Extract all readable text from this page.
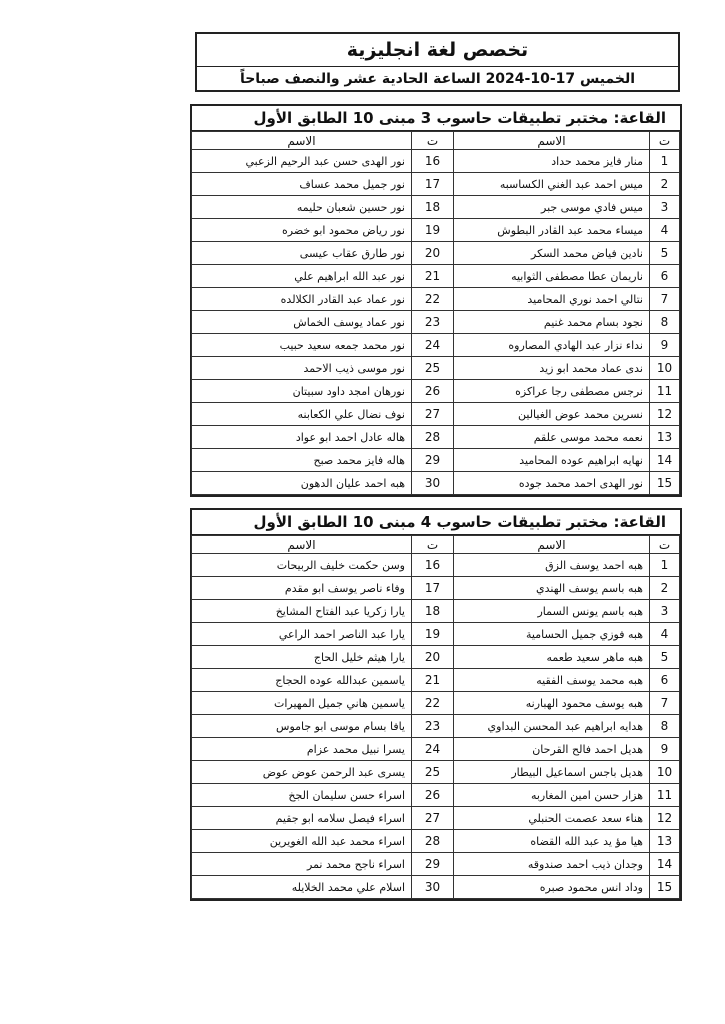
تخصص لغة انجليزية
الخميس 17-10-2024 الساعة الحادية عشر والنصف صباحاً
القاعة: مختبر تطبيقات حاسوب 3 مبنى 10 الطابق الأول
ت	الاسم	ت	الاسم
1	منار فايز محمد حداد	16	نور الهدى حسن عبد الرحيم الزعبي
2	ميس احمد عبد الغني الكساسبه	17	نور جميل محمد عساف
3	ميس فادي موسى جبر	18	نور حسين شعبان حليمه
4	ميساء محمد عبد القادر البطوش	19	نور رياض محمود ابو خضره
5	نادين فياض محمد السكر	20	نور طارق عقاب عيسى
6	ناريمان عطا مصطفى الثوابيه	21	نور عبد الله ابراهيم علي
7	نتالي احمد نوري المحاميد	22	نور عماد عبد القادر الكلالده
8	نجود بسام محمد غنيم	23	نور عماد يوسف الخماش
9	نداء نزار عبد الهادي المصاروه	24	نور محمد جمعه سعيد حبيب
10	ندى عماد محمد ابو زيد	25	نور موسى ذيب الاحمد
11	نرجس مصطفى رجا عراكزه	26	نورهان امجد داود سبيتان
12	نسرين محمد عوض الغيالين	27	نوف نضال علي الكعابنه
13	نعمه محمد موسى علقم	28	هاله عادل احمد ابو عواد
14	نهايه ابراهيم عوده المحاميد	29	هاله فايز محمد صبح
15	نور الهدى احمد محمد جوده	30	هبه احمد عليان الدهون
القاعة: مختبر تطبيقات حاسوب 4 مبنى 10 الطابق الأول
ت	الاسم	ت	الاسم
1	هبه احمد يوسف الزق	16	وسن حكمت خليف الربيحات
2	هبه باسم يوسف الهندي	17	وفاء ناصر يوسف ابو مقدم
3	هبه باسم يونس السمار	18	يارا زكريا عبد الفتاح المشايخ
4	هبه فوزي جميل الحسامية	19	يارا عبد الناصر احمد الراعي
5	هبه ماهر سعيد طعمه	20	يارا هيثم خليل الحاج
6	هبه محمد يوسف الفقيه	21	ياسمين عبدالله عوده الحجاج
7	هبه يوسف محمود الهبارنه	22	ياسمين هاني جميل المهيرات
8	هدايه ابراهيم عبد المحسن البداوي	23	يافا بسام موسى ابو جاموس
9	هديل احمد فالح القرحان	24	يسرا نبيل محمد عزام
10	هديل باجس اسماعيل البيطار	25	يسرى عبد الرحمن عوض عوض
11	هزار حسن امين المغاربه	26	اسراء حسن سليمان الجخ
12	هناء سعد عصمت الحنبلي	27	اسراء فيصل سلامه ابو جقيم
13	هيا مؤ يد عبد الله القضاه	28	اسراء محمد عبد الله الغويرين
14	وجدان ذيب احمد صندوقه	29	اسراء ناجح محمد نمر
15	وداد انس محمود صبره	30	اسلام علي محمد الخلايله
